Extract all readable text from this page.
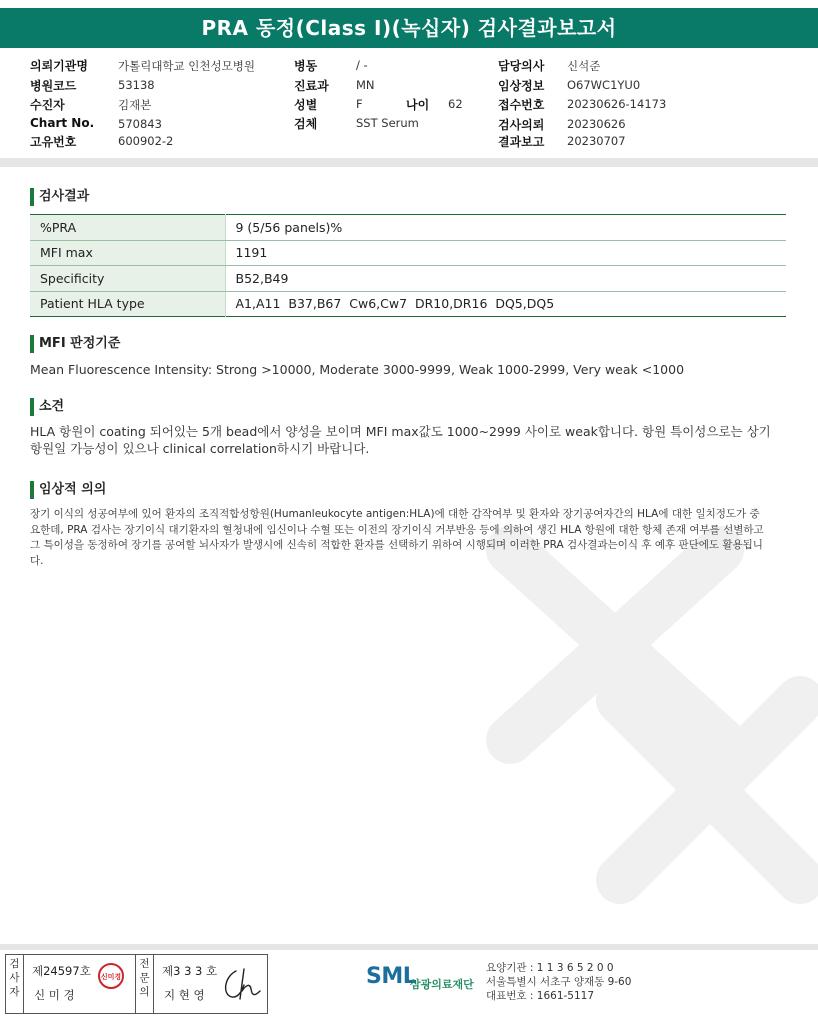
PRA 동정(Class I)(녹십자) 검사결과보고서
의뢰기관명	가톨릭대학교 인천성모병원
병원코드	53138
수진자	김재본
Chart No. 570843
고유번호	600902-2
병동	/ -
진료과 MN
성별	F	나이 62
검체	SST Serum
담당의사 신석준
임상정보 O67WC1YU0
접수번호 20230626-14173
검사의뢰 20230626
결과보고 20230707
검사결과
%PRA	9 (5/56 panels)%
MFI max	1191
Specificity	B52,B49
Patient HLA type	A1,A11  B37,B67  Cw6,Cw7  DR10,DR16  DQ5,DQ5
MFI 판정기준
Mean Fluorescence Intensity: Strong >10000, Moderate 3000-9999, Weak 1000-2999, Very weak <1000
소견
HLA 항원이 coating 되어있는 5개 bead에서 양성을 보이며 MFI max값도 1000~2999 사이로 weak합니다. 항원 특이성으로는 상기 항원일 가능성이 있으나 clinical correlation하시기 바랍니다.
임상적 의의
장기 이식의 성공여부에 있어 환자의 조직적합성항원(Humanleukocyte antigen:HLA)에 대한 감작여부 및 환자와 장기공여자간의 HLA에 대한 일치정도가 중요한데, PRA 검사는 장기이식 대기환자의 혈청내에 임신이나 수혈 또는 이전의 장기이식 거부반응 등에 의하여 생긴 HLA 항원에 대한 항체 존재 여부를 선별하고 그 특이성을 동정하여 장기를 공여할 뇌사자가 발생시에 신속히 적합한 환자를 선택하기 위하여 시행되며 이러한 PRA 검사결과는이식 후 예후 판단에도 활용됩니다.
검
사
자
제24597호
신 미 경
전
문
의
제3 3 3 호
지 현 영
신미경	SML
삼광의료재단
요양기관 : 1 1 3 6 5 2 0 0
서울특별시 서초구 양재동 9-60
대표번호 : 1661-5117
